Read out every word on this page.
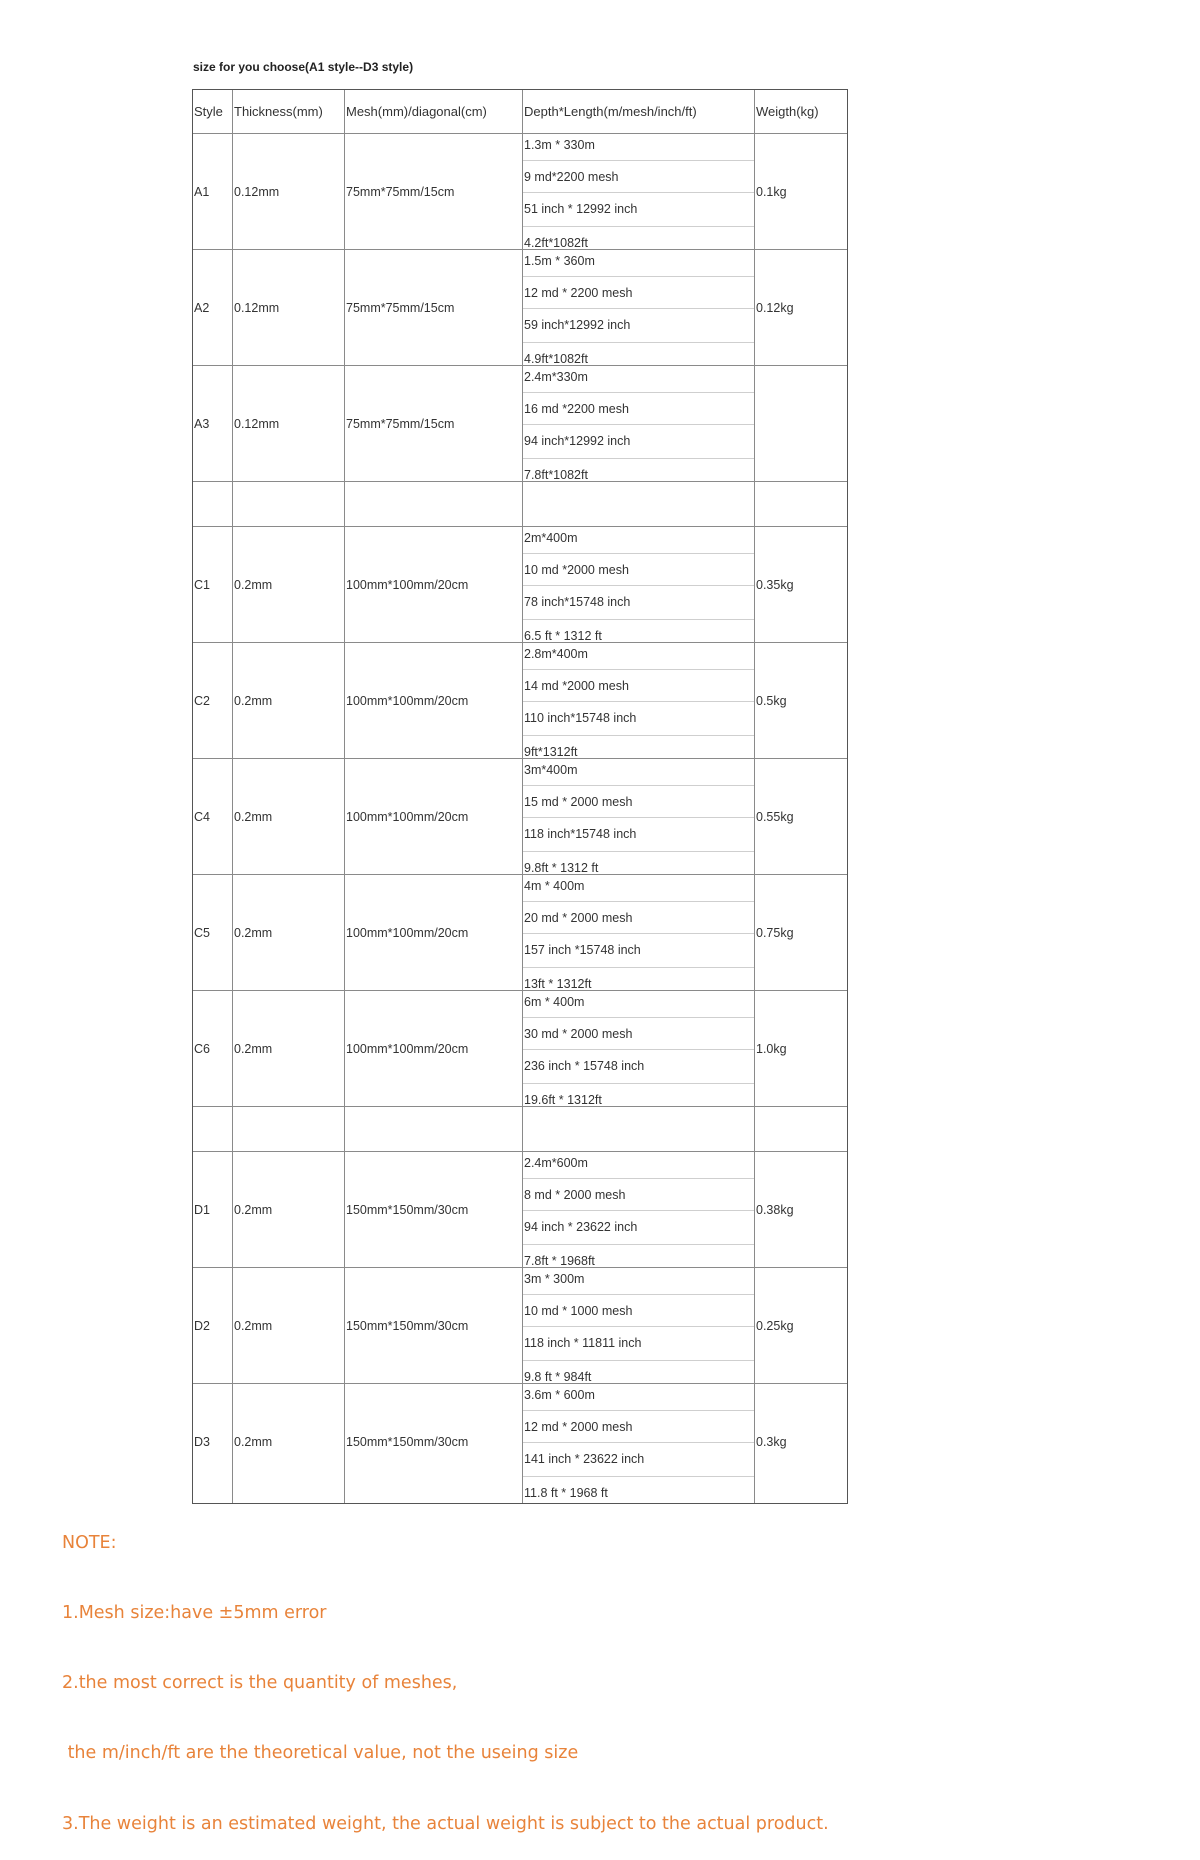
size for you choose(A1 style--D3 style)
Style Thickness(mm)	Mesh(mm)/diagonal(cm)	Depth*Length(m/mesh/inch/ft)	Weigth(kg)
A1	0.12mm	75mm*75mm/15cm
1.3m * 330m
9 md*2200 mesh
51 inch * 12992 inch
4.2ft*1082ft
0.1kg
A2	0.12mm	75mm*75mm/15cm
1.5m * 360m
12 md * 2200 mesh
59 inch*12992 inch
4.9ft*1082ft
0.12kg
A3	0.12mm	75mm*75mm/15cm
2.4m*330m
16 md *2200 mesh
94 inch*12992 inch
7.8ft*1082ft
C1	0.2mm	100mm*100mm/20cm
2m*400m
10 md *2000 mesh
78 inch*15748 inch
6.5 ft * 1312 ft
0.35kg
C2	0.2mm	100mm*100mm/20cm
2.8m*400m
14 md *2000 mesh
110 inch*15748 inch
9ft*1312ft
0.5kg
C4	0.2mm	100mm*100mm/20cm
3m*400m
15 md * 2000 mesh
118 inch*15748 inch
9.8ft * 1312 ft
0.55kg
C5	0.2mm	100mm*100mm/20cm
4m * 400m
20 md * 2000 mesh
157 inch *15748 inch
13ft * 1312ft
0.75kg
C6	0.2mm	100mm*100mm/20cm
6m * 400m
30 md * 2000 mesh
236 inch * 15748 inch
19.6ft * 1312ft
1.0kg
D1	0.2mm	150mm*150mm/30cm
2.4m*600m
8 md * 2000 mesh
94 inch * 23622 inch
7.8ft * 1968ft
0.38kg
D2	0.2mm	150mm*150mm/30cm
3m * 300m
10 md * 1000 mesh
118 inch * 11811 inch
9.8 ft * 984ft
0.25kg
D3	0.2mm	150mm*150mm/30cm
3.6m * 600m
12 md * 2000 mesh
141 inch * 23622 inch
11.8 ft * 1968 ft
0.3kg

NOTE:

1.Mesh size:have ±5mm error

2.the most correct is the quantity of meshes,

the m/inch/ft are the theoretical value, not the useing size

3.The weight is an estimated weight, the actual weight is subject to the actual product.
